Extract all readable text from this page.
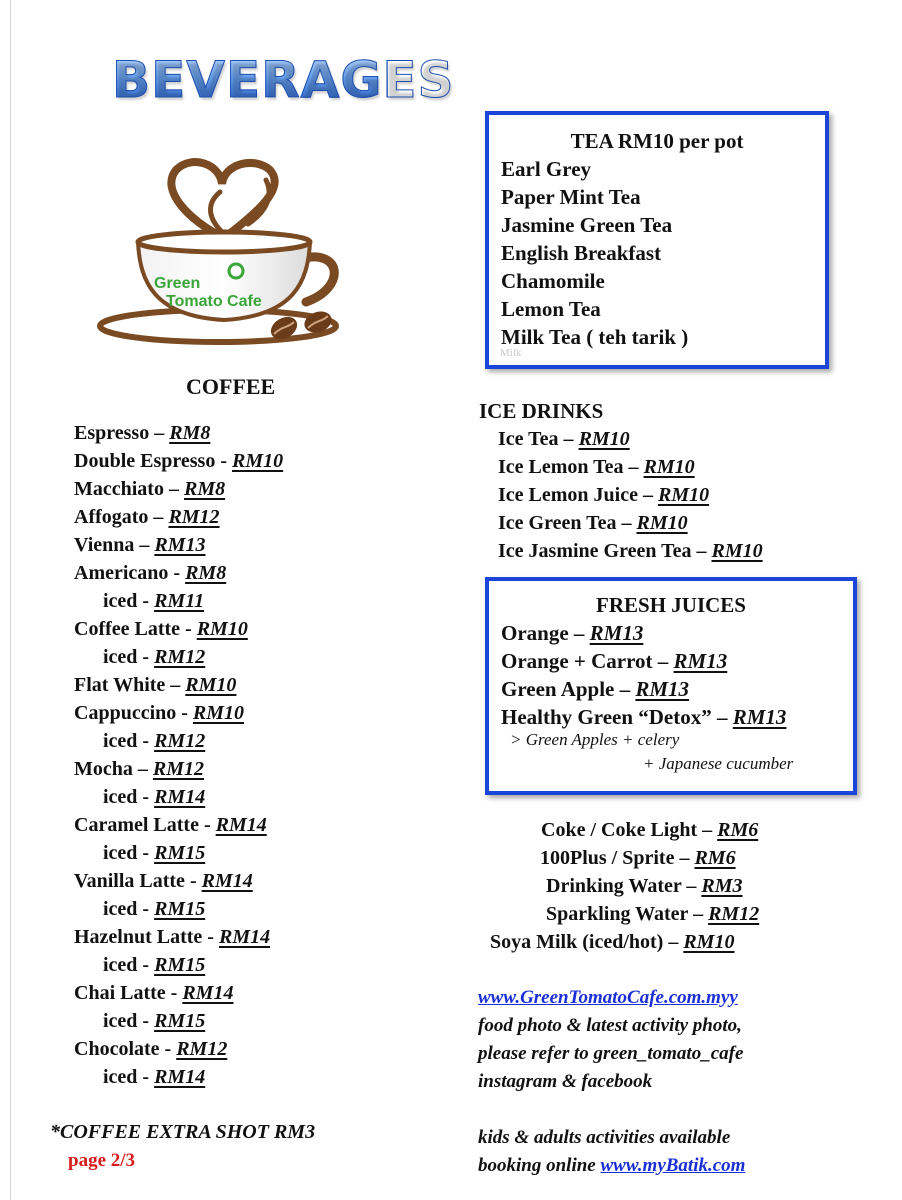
BEVERAGES
Green
Tomato Cafe
COFFEE
Espresso – RM8
Double Espresso - RM10
Macchiato – RM8
Affogato – RM12
Vienna – RM13
Americano - RM8
iced - RM11
Coffee Latte - RM10
iced - RM12
Flat White – RM10
Cappuccino - RM10
iced - RM12
Mocha – RM12
iced - RM14
Caramel Latte - RM14
iced - RM15
Vanilla Latte - RM14
iced - RM15
Hazelnut Latte - RM14
iced - RM15
Chai Latte - RM14
iced - RM15
Chocolate - RM12
iced - RM14
*COFFEE EXTRA SHOT RM3
page 2/3
TEA RM10 per pot
Earl Grey
Paper Mint Tea
Jasmine Green Tea
English Breakfast
Chamomile
Lemon Tea
Milk Tea ( teh tarik )
Milk
ICE DRINKS
Ice Tea – RM10
Ice Lemon Tea – RM10
Ice Lemon Juice – RM10
Ice Green Tea – RM10
Ice Jasmine Green Tea – RM10
FRESH JUICES
Orange – RM13
Orange + Carrot – RM13
Green Apple – RM13
Healthy Green “Detox” – RM13
> Green Apples + celery
+ Japanese cucumber
Coke / Coke Light – RM6
100Plus / Sprite – RM6
Drinking Water – RM3
Sparkling Water – RM12
Soya Milk (iced/hot) – RM10
www.GreenTomatoCafe.com.myy
food photo & latest activity photo,
please refer to green_tomato_cafe
instagram & facebook
kids & adults activities available
booking online www.myBatik.com
